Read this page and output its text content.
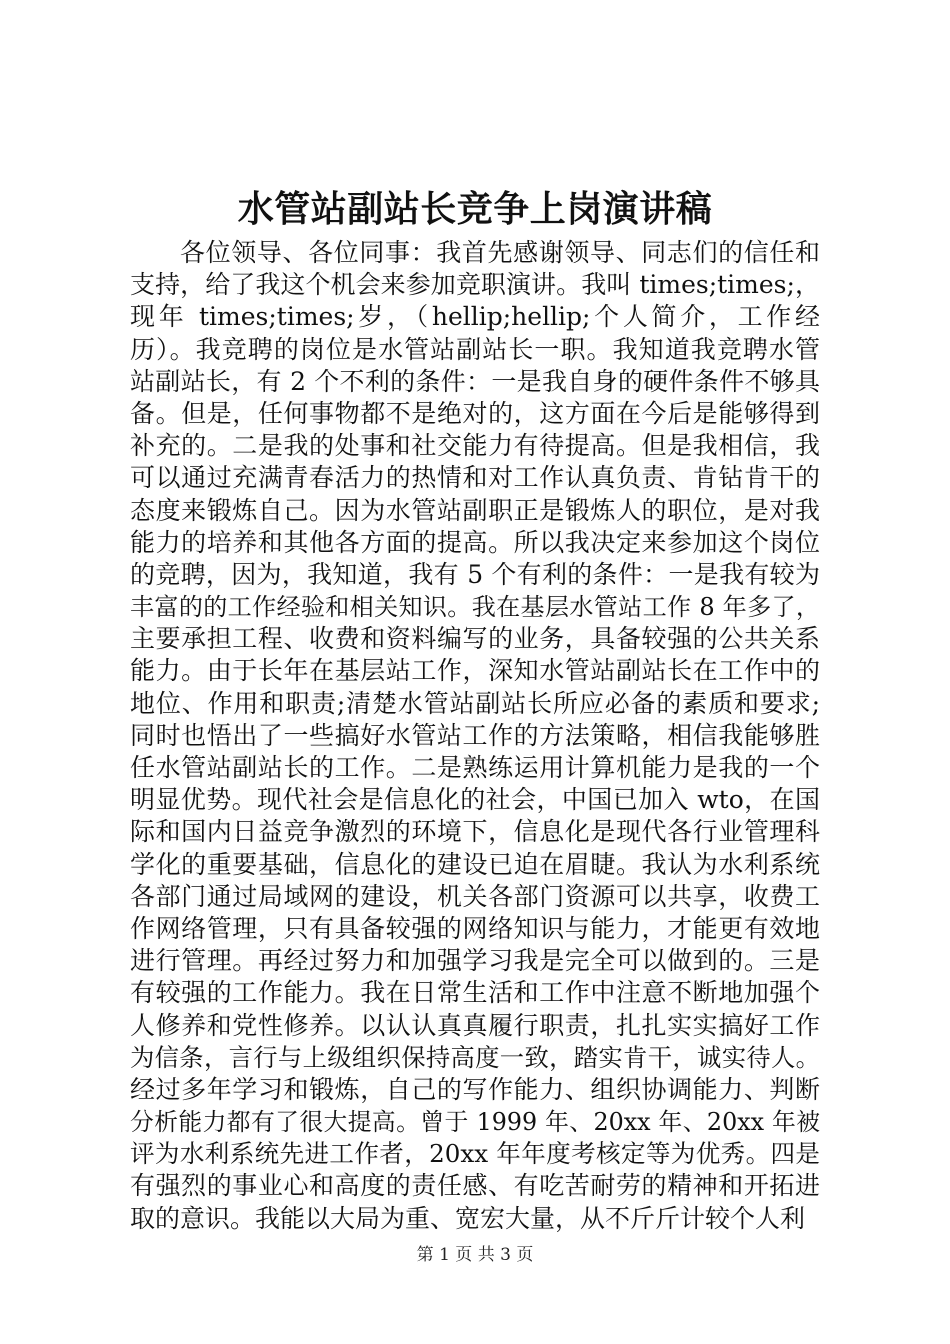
水管站副站长竞争上岗演讲稿
各位领导、各位同事：我首先感谢领导、同志们的信任和
支持，给了我这个机会来参加竞职演讲。我叫 times;times;，
现年 times;times;岁，（hellip;hellip;个人简介，工作经
历）。我竞聘的岗位是水管站副站长一职。我知道我竞聘水管
站副站长，有 2 个不利的条件：一是我自身的硬件条件不够具
备。但是，任何事物都不是绝对的，这方面在今后是能够得到
补充的。二是我的处事和社交能力有待提高。但是我相信，我
可以通过充满青春活力的热情和对工作认真负责、肯钻肯干的
态度来锻炼自己。因为水管站副职正是锻炼人的职位，是对我
能力的培养和其他各方面的提高。所以我决定来参加这个岗位
的竞聘，因为，我知道，我有 5 个有利的条件：一是我有较为
丰富的的工作经验和相关知识。我在基层水管站工作 8 年多了，
主要承担工程、收费和资料编写的业务，具备较强的公共关系
能力。由于长年在基层站工作，深知水管站副站长在工作中的
地位、作用和职责;清楚水管站副站长所应必备的素质和要求;
同时也悟出了一些搞好水管站工作的方法策略，相信我能够胜
任水管站副站长的工作。二是熟练运用计算机能力是我的一个
明显优势。现代社会是信息化的社会，中国已加入 wto，在国
际和国内日益竞争激烈的环境下，信息化是现代各行业管理科
学化的重要基础，信息化的建设已迫在眉睫。我认为水利系统
各部门通过局域网的建设，机关各部门资源可以共享，收费工
作网络管理，只有具备较强的网络知识与能力，才能更有效地
进行管理。再经过努力和加强学习我是完全可以做到的。三是
有较强的工作能力。我在日常生活和工作中注意不断地加强个
人修养和党性修养。以认认真真履行职责，扎扎实实搞好工作
为信条，言行与上级组织保持高度一致，踏实肯干，诚实待人。
经过多年学习和锻炼，自己的写作能力、组织协调能力、判断
分析能力都有了很大提高。曾于 1999 年、20xx 年、20xx 年被
评为水利系统先进工作者，20xx 年年度考核定等为优秀。四是
有强烈的事业心和高度的责任感、有吃苦耐劳的精神和开拓进
取的意识。我能以大局为重、宽宏大量，从不斤斤计较个人利
第 1 页 共 3 页
